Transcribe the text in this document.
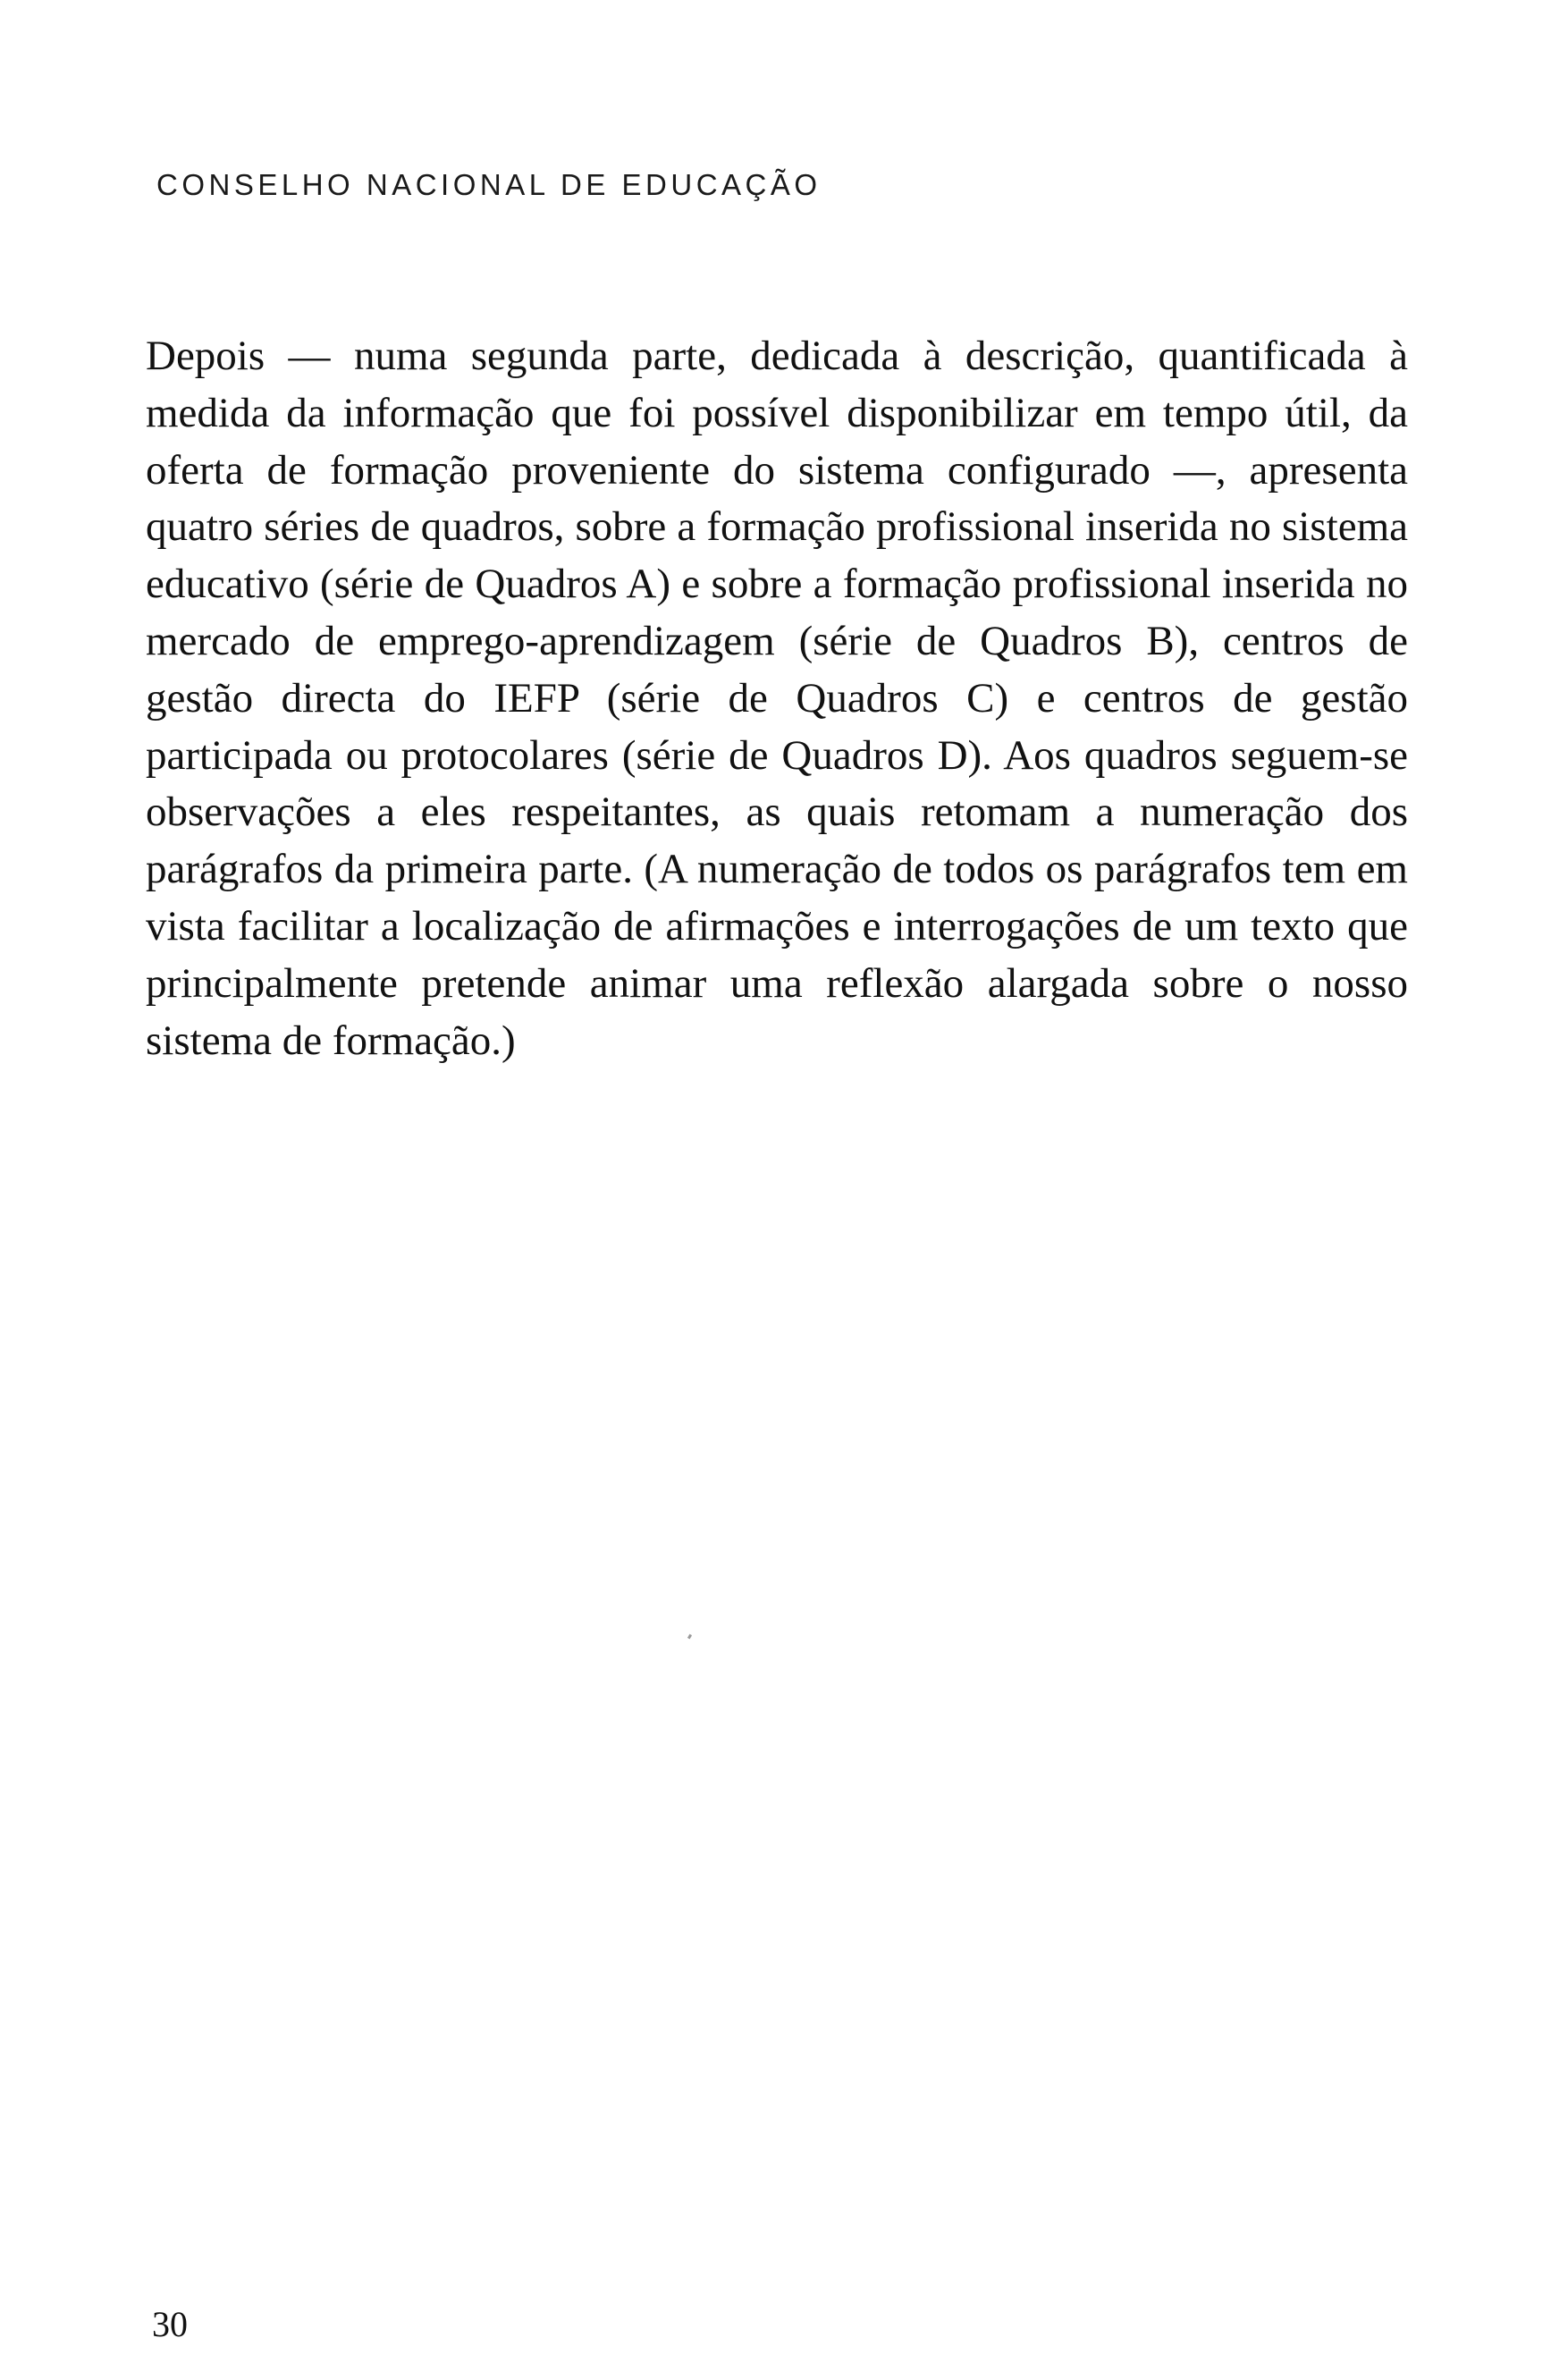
CONSELHO NACIONAL DE EDUCAÇÃO

Depois — numa segunda parte, dedicada à descrição, quantificada à medida da informação que foi possível disponibilizar em tempo útil, da oferta de formação proveniente do sistema configurado —, apresenta quatro séries de quadros, sobre a formação profissional inserida no sistema educativo (série de Quadros A) e sobre a formação profissional inserida no mercado de emprego-aprendizagem (série de Quadros B), centros de gestão directa do IEFP (série de Quadros C) e centros de gestão participada ou protocolares (série de Quadros D). Aos quadros seguem-se observações a eles respeitantes, as quais retomam a numeração dos parágrafos da primeira parte. (A numeração de todos os parágrafos tem em vista facilitar a localização de afirmações e interrogações de um texto que principalmente pretende animar uma reflexão alargada sobre o nosso sistema de formação.)

30
